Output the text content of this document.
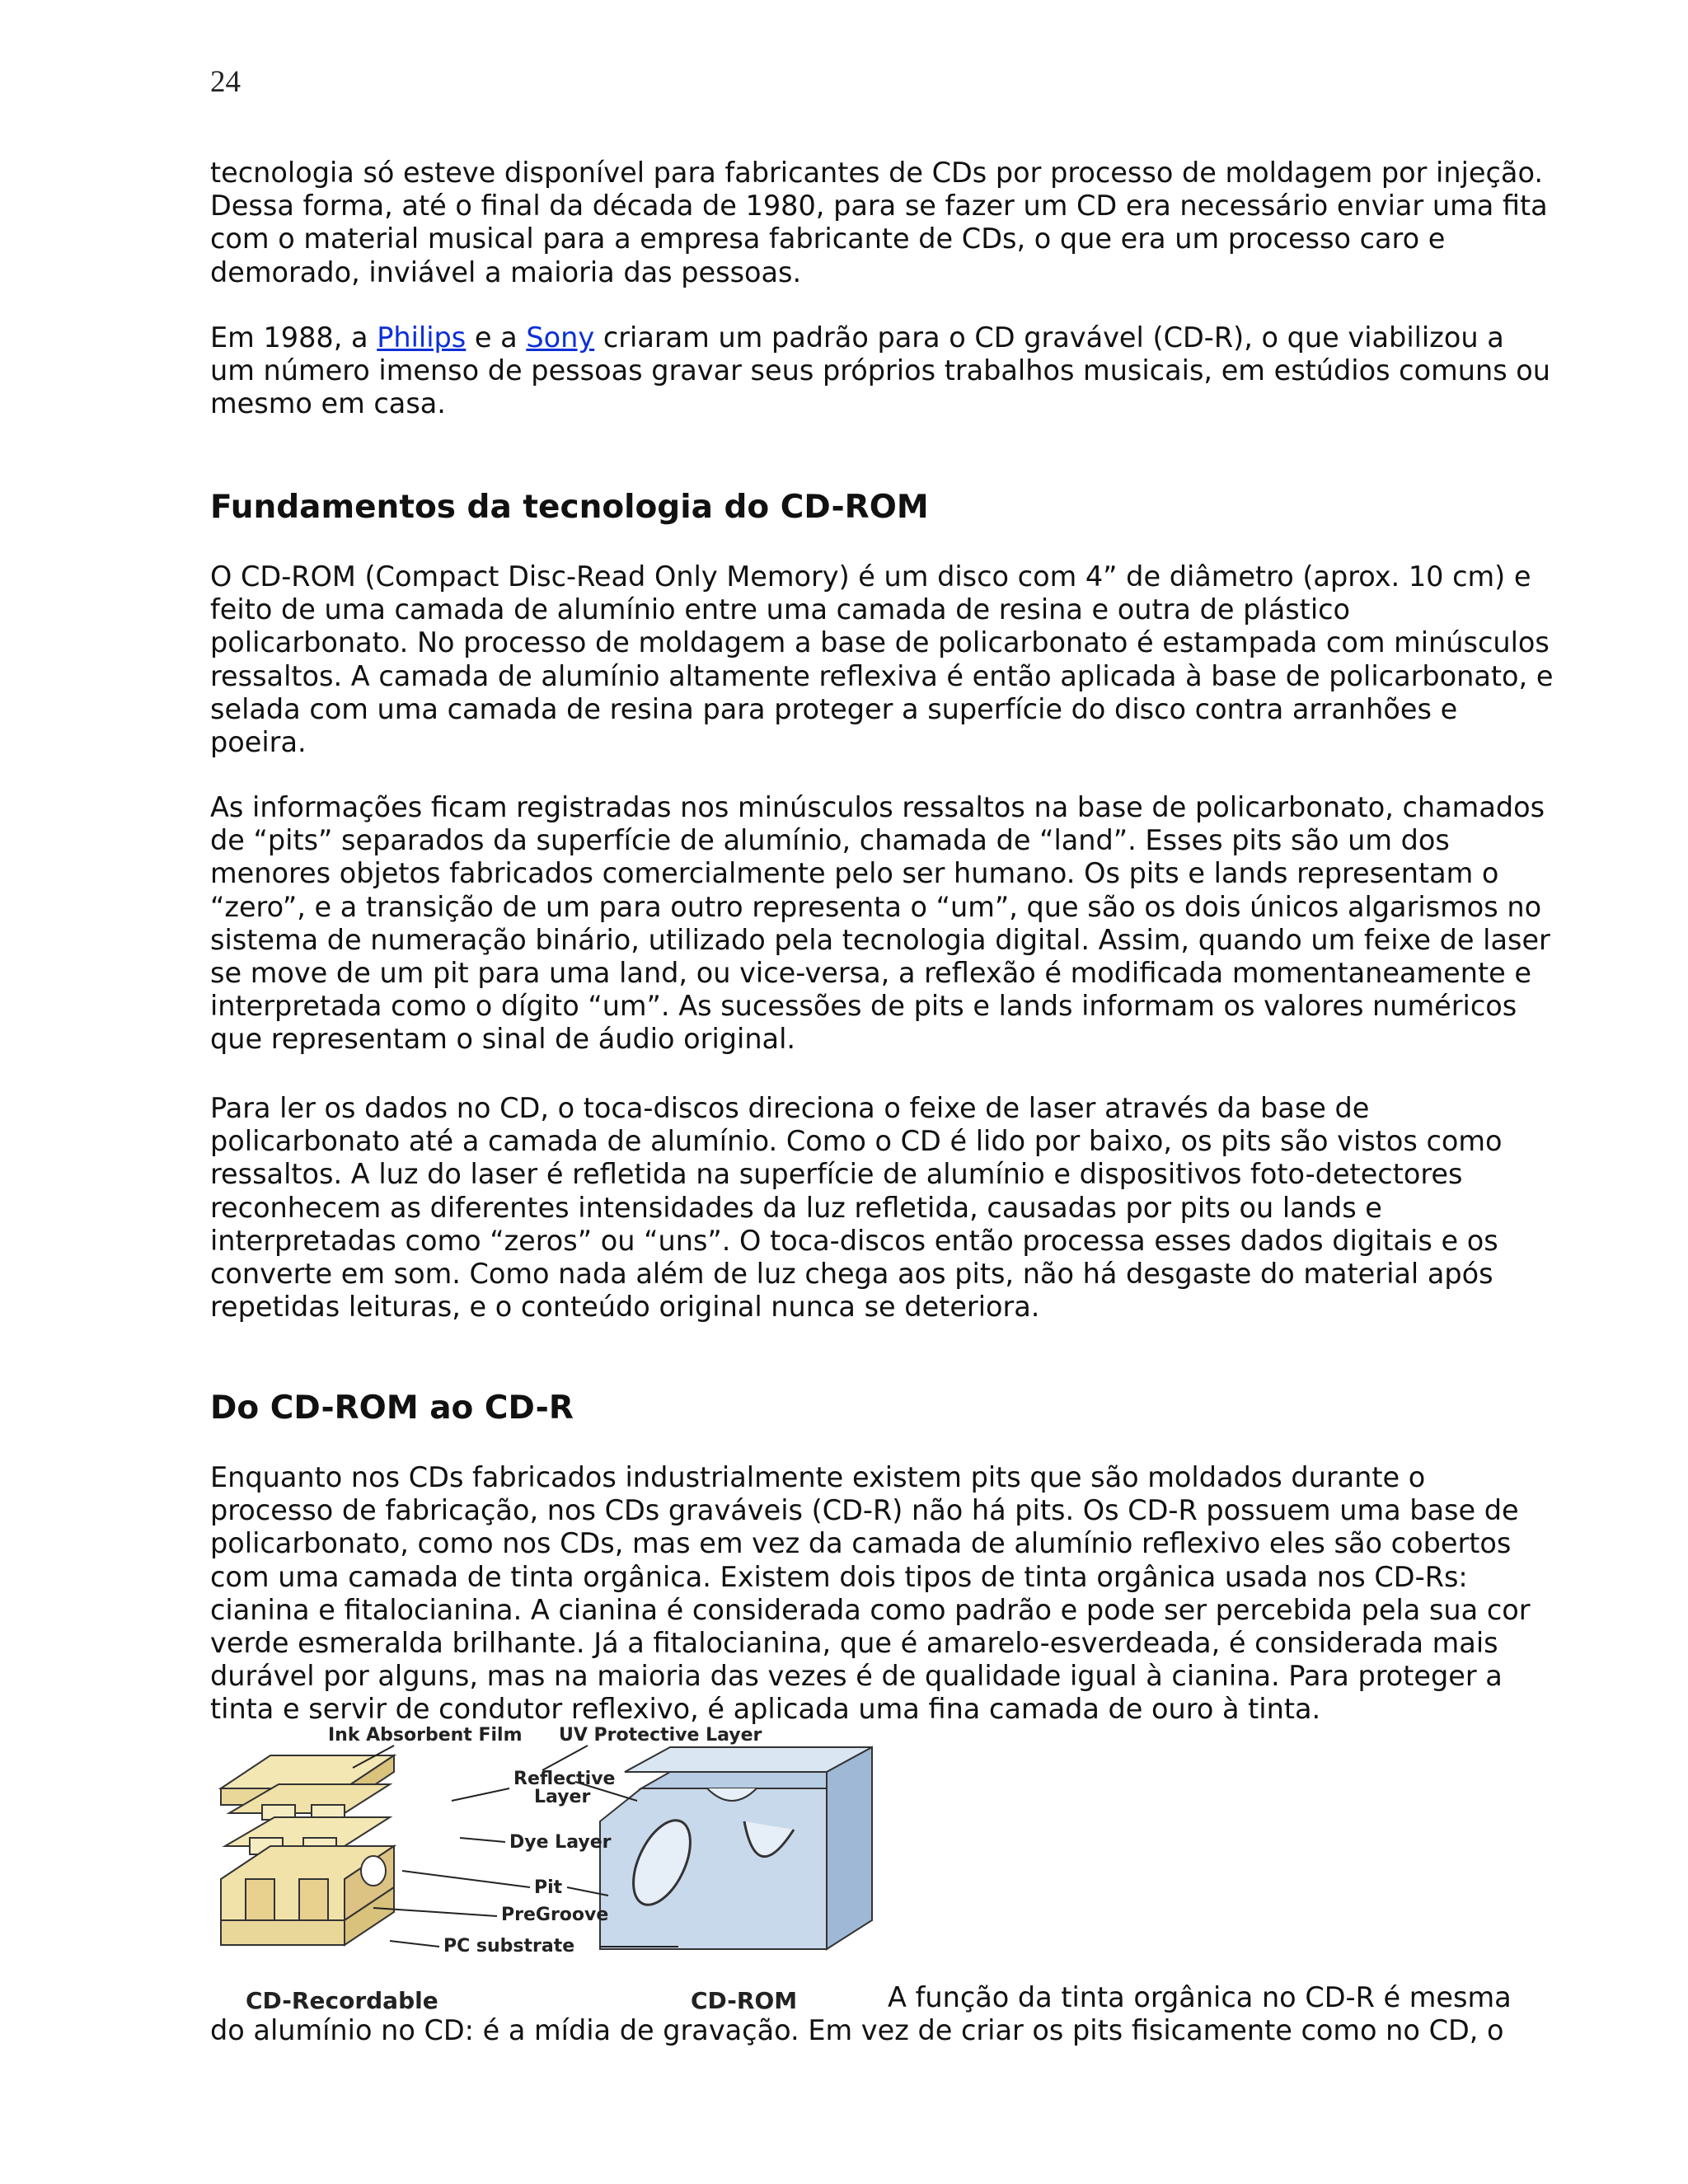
24

tecnologia só esteve disponível para fabricantes de CDs por processo de moldagem por injeção. Dessa forma, até o final da década de 1980, para se fazer um CD era necessário enviar uma fita com o material musical para a empresa fabricante de CDs, o que era um processo caro e demorado, inviável a maioria das pessoas.

Em 1988, a Philips e a Sony criaram um padrão para o CD gravável (CD-R), o que viabilizou a um número imenso de pessoas gravar seus próprios trabalhos musicais, em estúdios comuns ou mesmo em casa.

Fundamentos da tecnologia do CD-ROM

O CD-ROM (Compact Disc-Read Only Memory) é um disco com 4” de diâmetro (aprox. 10 cm) e feito de uma camada de alumínio entre uma camada de resina e outra de plástico policarbonato. No processo de moldagem a base de policarbonato é estampada com minúsculos ressaltos. A camada de alumínio altamente reflexiva é então aplicada à base de policarbonato, e selada com uma camada de resina para proteger a superfície do disco contra arranhões e poeira.

As informações ficam registradas nos minúsculos ressaltos na base de policarbonato, chamados de “pits” separados da superfície de alumínio, chamada de “land”. Esses pits são um dos menores objetos fabricados comercialmente pelo ser humano. Os pits e lands representam o “zero”, e a transição de um para outro representa o “um”, que são os dois únicos algarismos no sistema de numeração binário, utilizado pela tecnologia digital. Assim, quando um feixe de laser se move de um pit para uma land, ou vice-versa, a reflexão é modificada momentaneamente e interpretada como o dígito “um”. As sucessões de pits e lands informam os valores numéricos que representam o sinal de áudio original.

Para ler os dados no CD, o toca-discos direciona o feixe de laser através da base de policarbonato até a camada de alumínio. Como o CD é lido por baixo, os pits são vistos como ressaltos. A luz do laser é refletida na superfície de alumínio e dispositivos foto-detectores reconhecem as diferentes intensidades da luz refletida, causadas por pits ou lands e interpretadas como “zeros” ou “uns”. O toca-discos então processa esses dados digitais e os converte em som. Como nada além de luz chega aos pits, não há desgaste do material após repetidas leituras, e o conteúdo original nunca se deteriora.

Do CD-ROM ao CD-R

Enquanto nos CDs fabricados industrialmente existem pits que são moldados durante o processo de fabricação, nos CDs graváveis (CD-R) não há pits. Os CD-R possuem uma base de policarbonato, como nos CDs, mas em vez da camada de alumínio reflexivo eles são cobertos com uma camada de tinta orgânica. Existem dois tipos de tinta orgânica usada nos CD-Rs: cianina e fitalocianina. A cianina é considerada como padrão e pode ser percebida pela sua cor verde esmeralda brilhante. Já a fitalocianina, que é amarelo-esverdeada, é considerada mais durável por alguns, mas na maioria das vezes é de qualidade igual à cianina. Para proteger a tinta e servir de condutor reflexivo, é aplicada uma fina camada de ouro à tinta.

Ink Absorbent Film UV Protective Layer
Reflective
Layer
Dye Layer
Pit
PreGroove
PC substrate
CD-Recordable	CD-ROM	A função da tinta orgânica no CD-R é mesma
do alumínio no CD: é a mídia de gravação. Em vez de criar os pits fisicamente como no CD, o
